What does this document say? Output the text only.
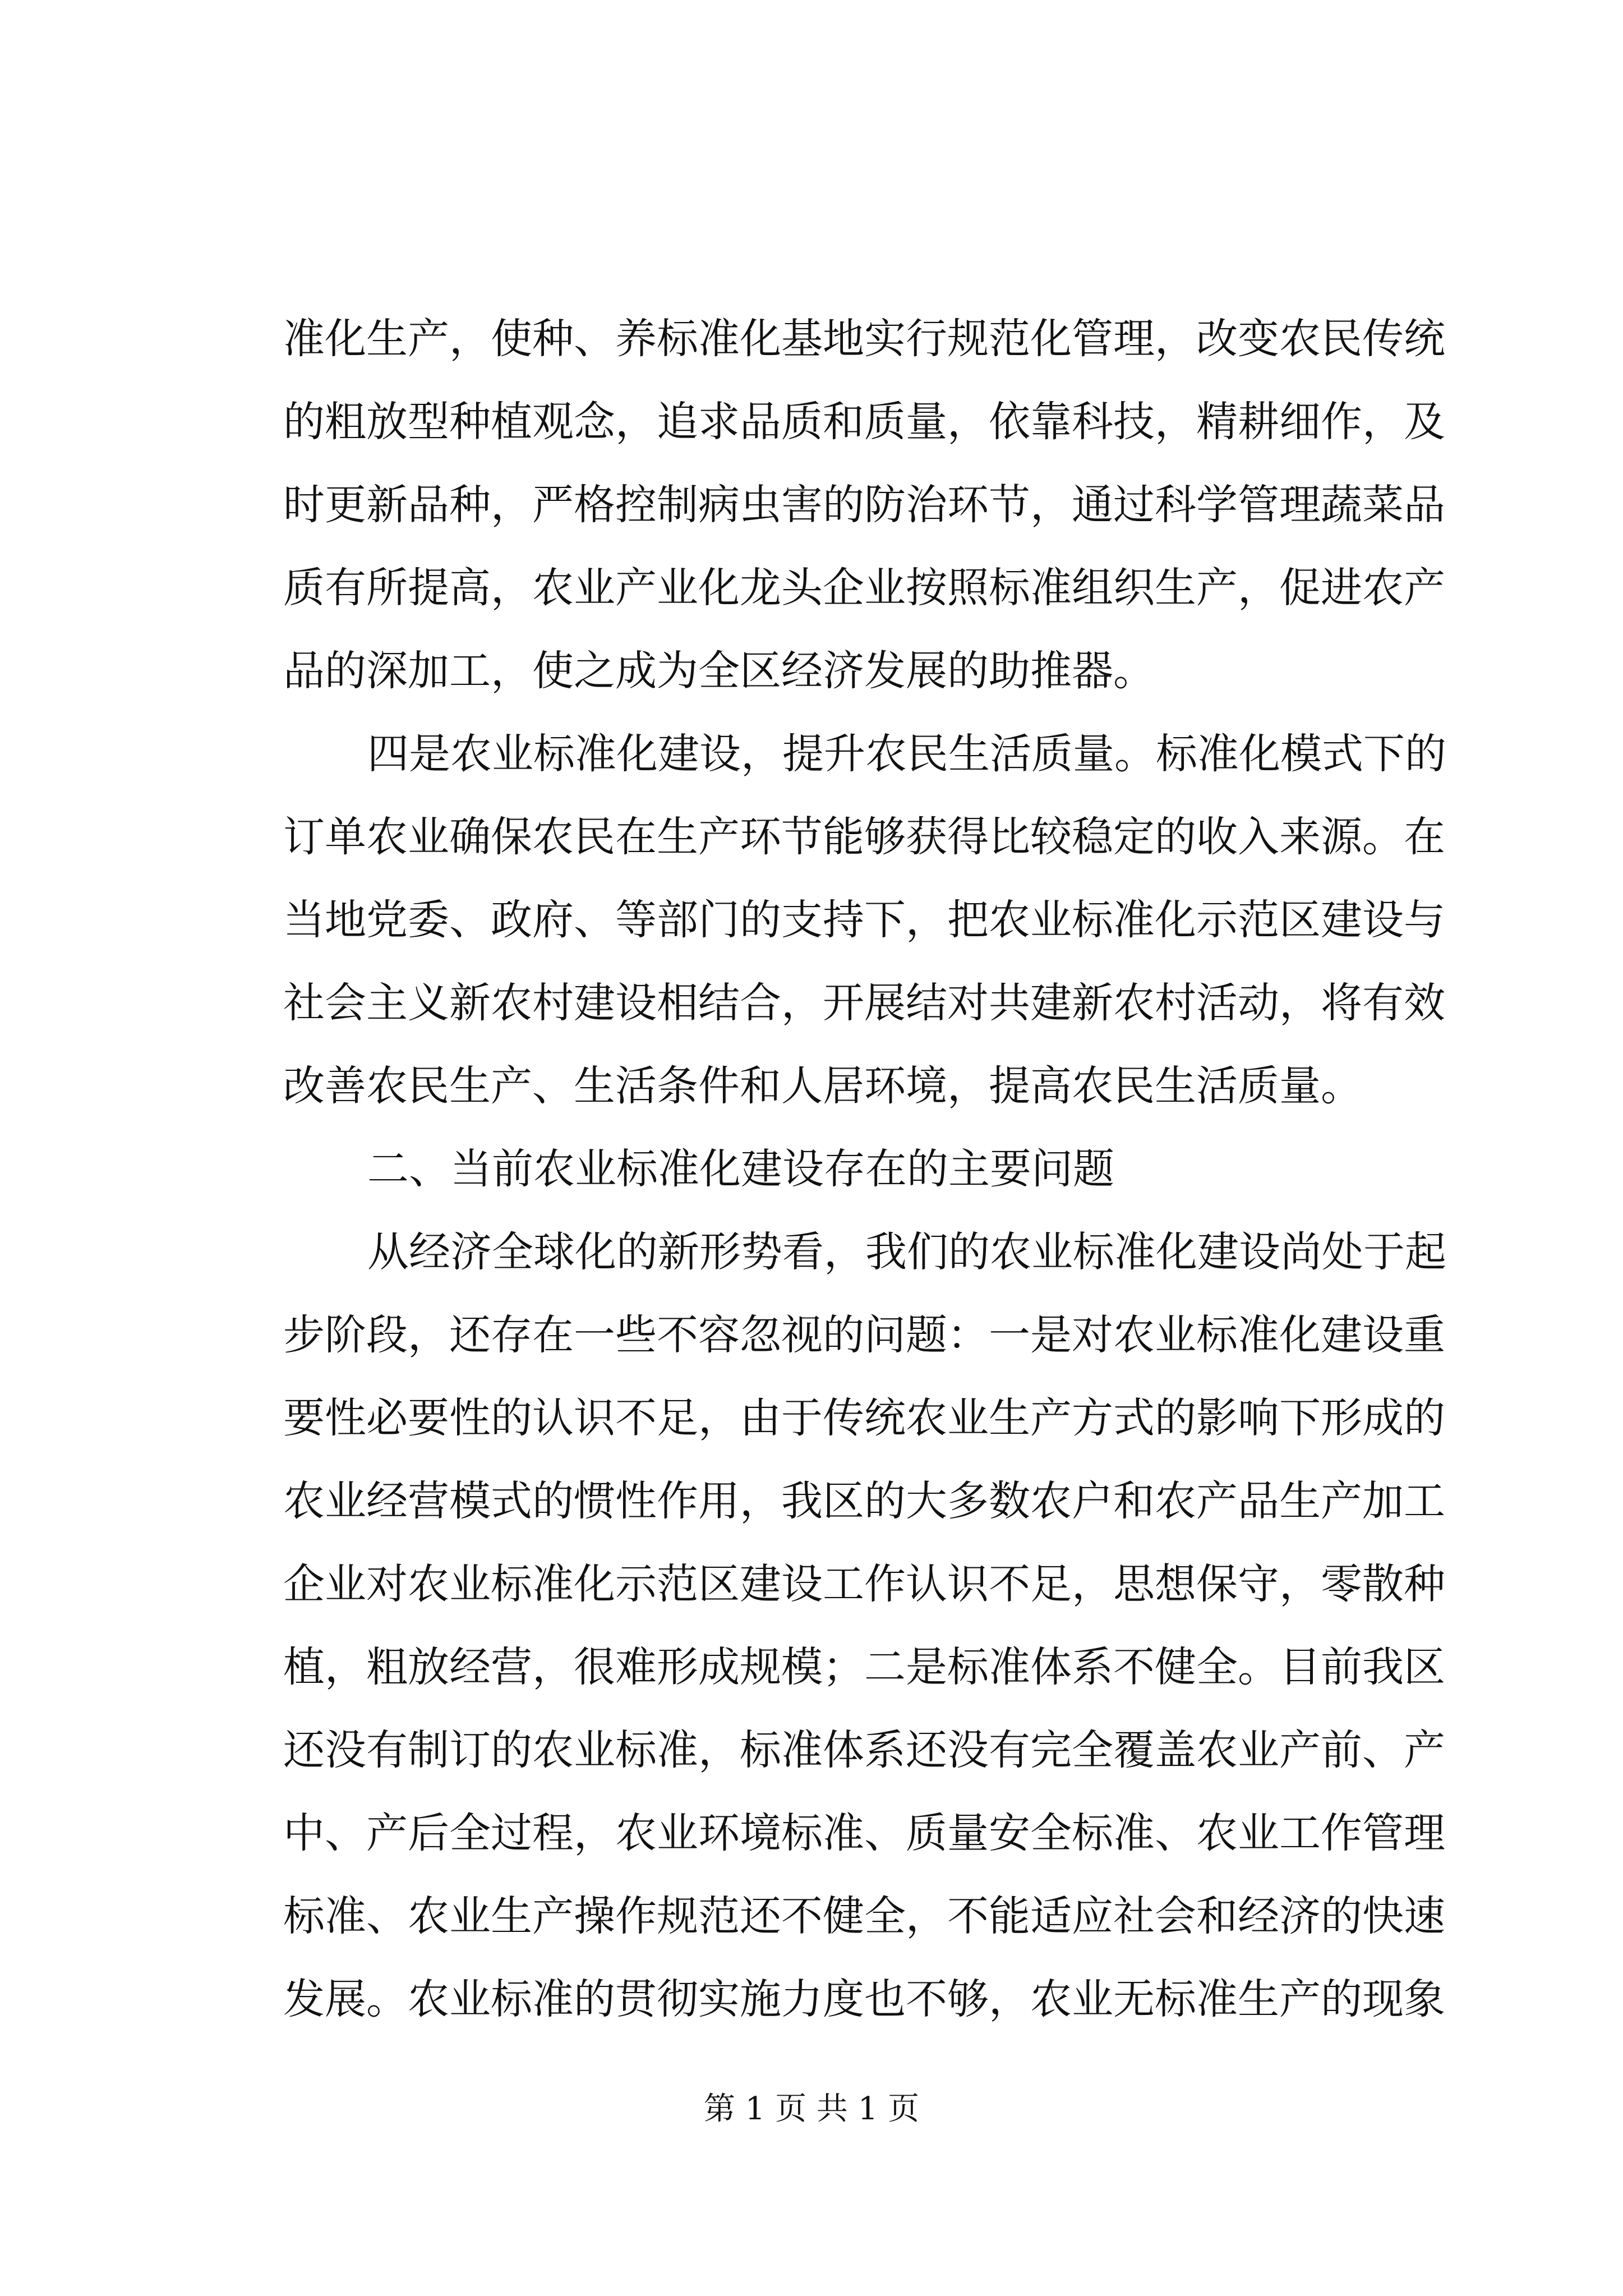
准化生产，使种、养标准化基地实行规范化管理，改变农民传统
的粗放型种植观念，追求品质和质量，依靠科技，精耕细作，及
时更新品种，严格控制病虫害的防治环节，通过科学管理蔬菜品
质有所提高，农业产业化龙头企业按照标准组织生产，促进农产
品的深加工，使之成为全区经济发展的助推器。
四是农业标准化建设，提升农民生活质量。标准化模式下的
订单农业确保农民在生产环节能够获得比较稳定的收入来源。在
当地党委、政府、等部门的支持下，把农业标准化示范区建设与
社会主义新农村建设相结合，开展结对共建新农村活动，将有效
改善农民生产、生活条件和人居环境，提高农民生活质量。
二、当前农业标准化建设存在的主要问题
从经济全球化的新形势看，我们的农业标准化建设尚处于起
步阶段，还存在一些不容忽视的问题：一是对农业标准化建设重
要性必要性的认识不足，由于传统农业生产方式的影响下形成的
农业经营模式的惯性作用，我区的大多数农户和农产品生产加工
企业对农业标准化示范区建设工作认识不足，思想保守，零散种
植，粗放经营，很难形成规模；二是标准体系不健全。目前我区
还没有制订的农业标准，标准体系还没有完全覆盖农业产前、产
中、产后全过程，农业环境标准、质量安全标准、农业工作管理
标准、农业生产操作规范还不健全，不能适应社会和经济的快速
发展。农业标准的贯彻实施力度也不够，农业无标准生产的现象
第 1 页 共 1 页
